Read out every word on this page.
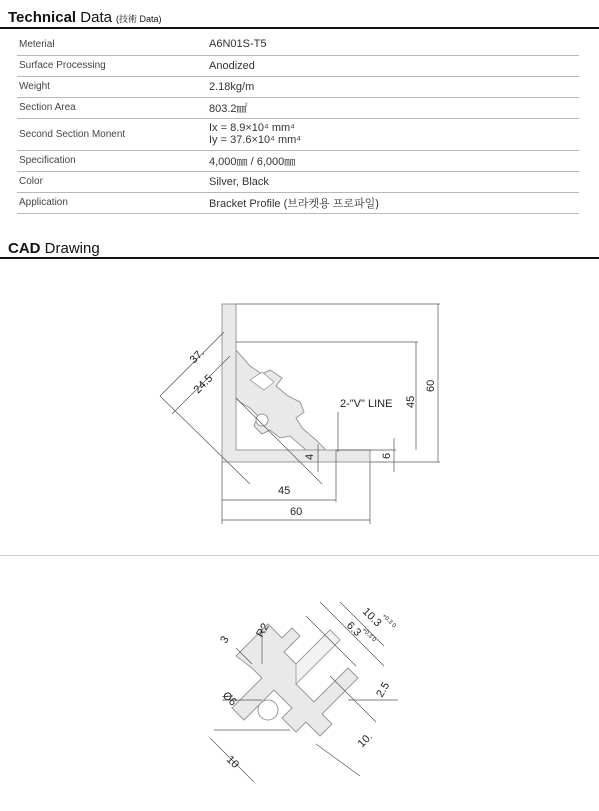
Technical Data (技術 Data)
Meterial	A6N01S-T5
Surface Processing	Anodized
Weight	2.18kg/m
Section Area	803.2㎟
Second Section Monent	Ix = 8.9×10⁴ mm⁴
Iy = 37.6×10⁴ mm⁴

Specification	4,000㎜ / 6,000㎜
Color	Silver, Black
Application	Bracket Profile (브라켓용 프로파일)
CAD Drawing
37.
24.5
2-"V" LINE 45
60
4	6
45
60
3
R2
Ø6
10
10.3
+0.3 0
6.3
+0.3 0
2.5
10.
